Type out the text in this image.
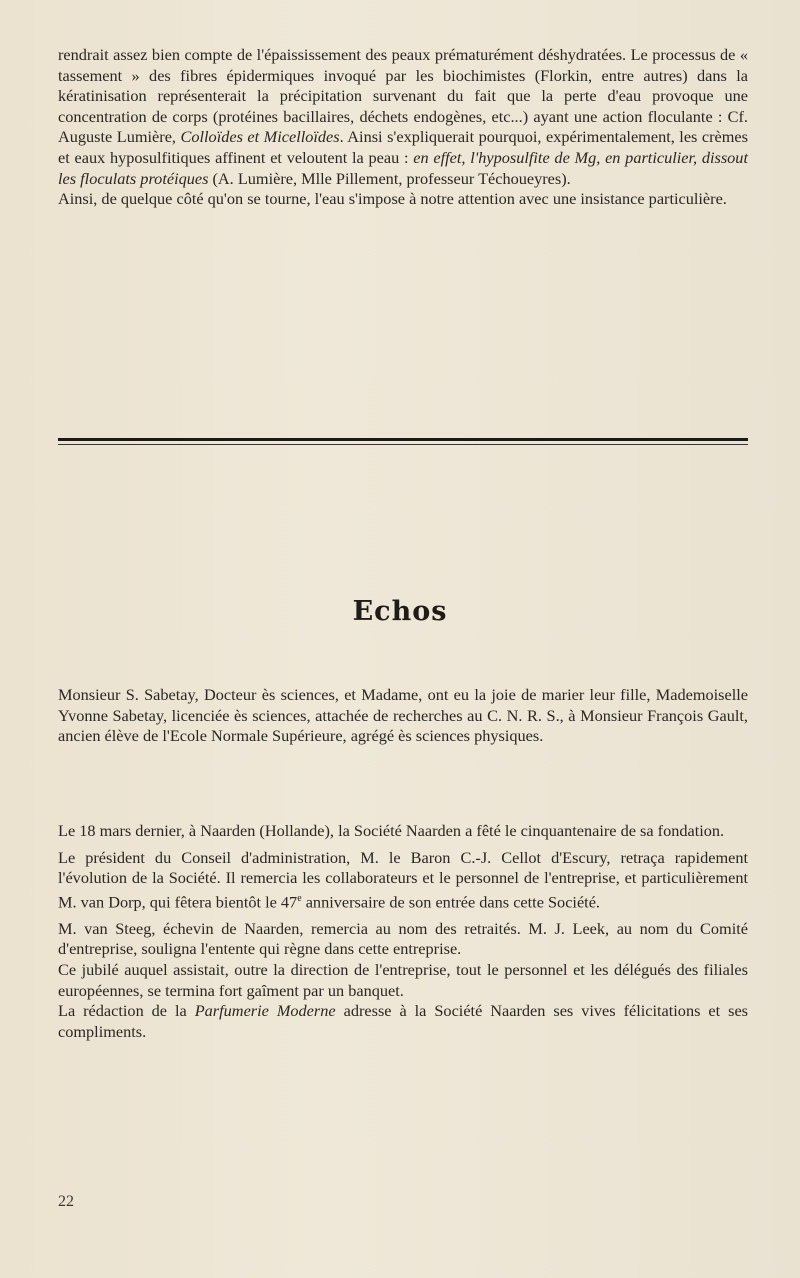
rendrait assez bien compte de l'épaississement des peaux prématurément déshydratées. Le processus de « tassement » des fibres épidermiques invoqué par les biochimistes (Florkin, entre autres) dans la kératinisation représenterait la précipitation survenant du fait que la perte d'eau provoque une concentration de corps (protéines bacillaires, déchets endogènes, etc...) ayant une action floculante : Cf. Auguste Lumière, Colloïdes et Micelloïdes. Ainsi s'expliquerait pourquoi, expérimentalement, les crèmes et eaux hyposulfitiques affinent et veloutent la peau : en effet, l'hyposulfite de Mg, en particulier, dissout les floculats protéiques (A. Lumière, Mlle Pillement, professeur Téchoueyres).

Ainsi, de quelque côté qu'on se tourne, l'eau s'impose à notre attention avec une insistance particulière.

Echos

Monsieur S. Sabetay, Docteur ès sciences, et Madame, ont eu la joie de marier leur fille, Mademoiselle Yvonne Sabetay, licenciée ès sciences, attachée de recherches au C. N. R. S., à Monsieur François Gault, ancien élève de l'Ecole Normale Supérieure, agrégé ès sciences physiques.

Le 18 mars dernier, à Naarden (Hollande), la Société Naarden a fêté le cinquantenaire de sa fondation.

Le président du Conseil d'administration, M. le Baron C.-J. Cellot d'Escury, retraça rapidement l'évolution de la Société. Il remercia les collaborateurs et le personnel de l'entreprise, et particulièrement M. van Dorp, qui fêtera bientôt le 47e anniversaire de son entrée dans cette Société.

M. van Steeg, échevin de Naarden, remercia au nom des retraités. M. J. Leek, au nom du Comité d'entreprise, souligna l'entente qui règne dans cette entreprise.

Ce jubilé auquel assistait, outre la direction de l'entreprise, tout le personnel et les délégués des filiales européennes, se termina fort gaîment par un banquet.

La rédaction de la Parfumerie Moderne adresse à la Société Naarden ses vives félicitations et ses compliments.

22
